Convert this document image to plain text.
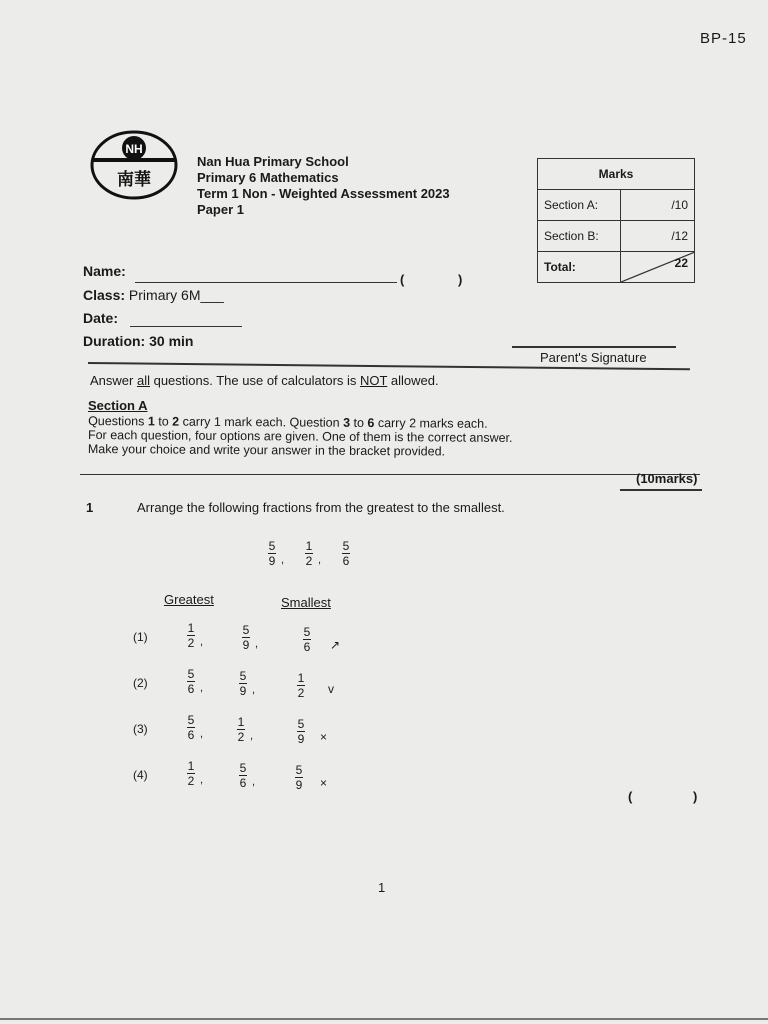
BP-15
NH
南華
Nan Hua Primary School
Primary 6 Mathematics
Term 1 Non - Weighted Assessment 2023
Paper 1
Marks	
Section A:	/10
Section B:	/12
Total:	22
Name:
(	)
Class: Primary 6M___
Date:
Duration: 30 min
Parent's Signature
Answer all questions. The use of calculators is NOT allowed.
Section A
Questions 1 to 2 carry 1 mark each. Question 3 to 6 carry 2 marks each.
For each question, four options are given. One of them is the correct answer.
Make your choice and write your answer in the bracket provided.
(10marks)
1	Arrange the following fractions from the greatest to the smallest.
5
9 ,
1
2 ,
5
6
Greatest	Smallest
(1)
1
2 ,
5
9 ,
5
6 ↗
(2)
5
6 ,
5
9 ,
1
2 v
(3)
5
6 ,
1
2 ,
5
9 ×
(4)
1
2 ,
5
6 ,
5
9 ×
(	)
1
